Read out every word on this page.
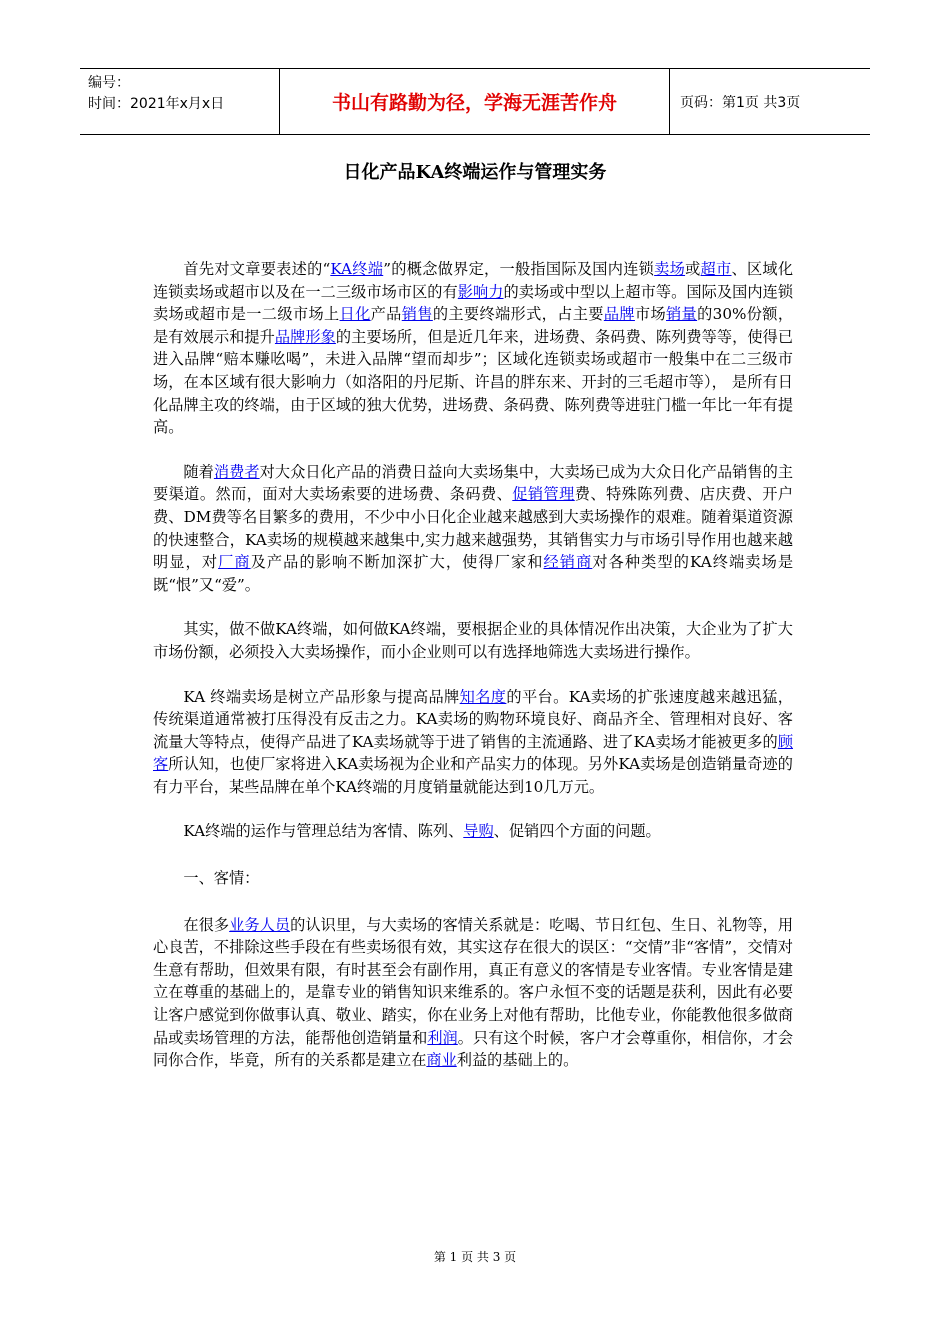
编号：
时间：2021年x月x日	书山有路勤为径，学海无涯苦作舟	页码：第1页 共3页
日化产品KA终端运作与管理实务

首先对文章要表述的“KA终端”的概念做界定，一般指国际及国内连锁卖场或超市、区域化连锁卖场或超市以及在一二三级市场市区的有影响力的卖场或中型以上超市等。国际及国内连锁卖场或超市是一二级市场上日化产品销售的主要终端形式，占主要品牌市场销量的30%份额，是有效展示和提升品牌形象的主要场所，但是近几年来，进场费、条码费、陈列费等等，使得已进入品牌“赔本赚吆喝”，未进入品牌“望而却步”；区域化连锁卖场或超市一般集中在二三级市场，在本区域有很大影响力（如洛阳的丹尼斯、许昌的胖东来、开封的三毛超市等）， 是所有日化品牌主攻的终端，由于区域的独大优势，进场费、条码费、陈列费等进驻门槛一年比一年有提高。

随着消费者对大众日化产品的消费日益向大卖场集中，大卖场已成为大众日化产品销售的主要渠道。然而，面对大卖场索要的进场费、条码费、促销管理费、特殊陈列费、店庆费、开户费、DM费等名目繁多的费用，不少中小日化企业越来越感到大卖场操作的艰难。随着渠道资源的快速整合，KA卖场的规模越来越集中,实力越来越强势，其销售实力与市场引导作用也越来越明显，对厂商及产品的影响不断加深扩大，使得厂家和经销商对各种类型的KA终端卖场是既“恨”又“爱”。

其实，做不做KA终端，如何做KA终端，要根据企业的具体情况作出决策，大企业为了扩大市场份额，必须投入大卖场操作，而小企业则可以有选择地筛选大卖场进行操作。

KA 终端卖场是树立产品形象与提高品牌知名度的平台。KA卖场的扩张速度越来越迅猛，传统渠道通常被打压得没有反击之力。KA卖场的购物环境良好、商品齐全、管理相对良好、客流量大等特点，使得产品进了KA卖场就等于进了销售的主流通路、进了KA卖场才能被更多的顾客所认知，也使厂家将进入KA卖场视为企业和产品实力的体现。另外KA卖场是创造销量奇迹的有力平台，某些品牌在单个KA终端的月度销量就能达到10几万元。

KA终端的运作与管理总结为客情、陈列、导购、促销四个方面的问题。

一、客情：

在很多业务人员的认识里，与大卖场的客情关系就是：吃喝、节日红包、生日、礼物等，用心良苦，不排除这些手段在有些卖场很有效，其实这存在很大的误区：“交情”非“客情”，交情对生意有帮助，但效果有限，有时甚至会有副作用，真正有意义的客情是专业客情。专业客情是建立在尊重的基础上的，是靠专业的销售知识来维系的。客户永恒不变的话题是获利，因此有必要让客户感觉到你做事认真、敬业、踏实，你在业务上对他有帮助，比他专业，你能教他很多做商品或卖场管理的方法，能帮他创造销量和利润。只有这个时候，客户才会尊重你，相信你，才会同你合作，毕竟，所有的关系都是建立在商业利益的基础上的。

第 1 页 共 3 页
